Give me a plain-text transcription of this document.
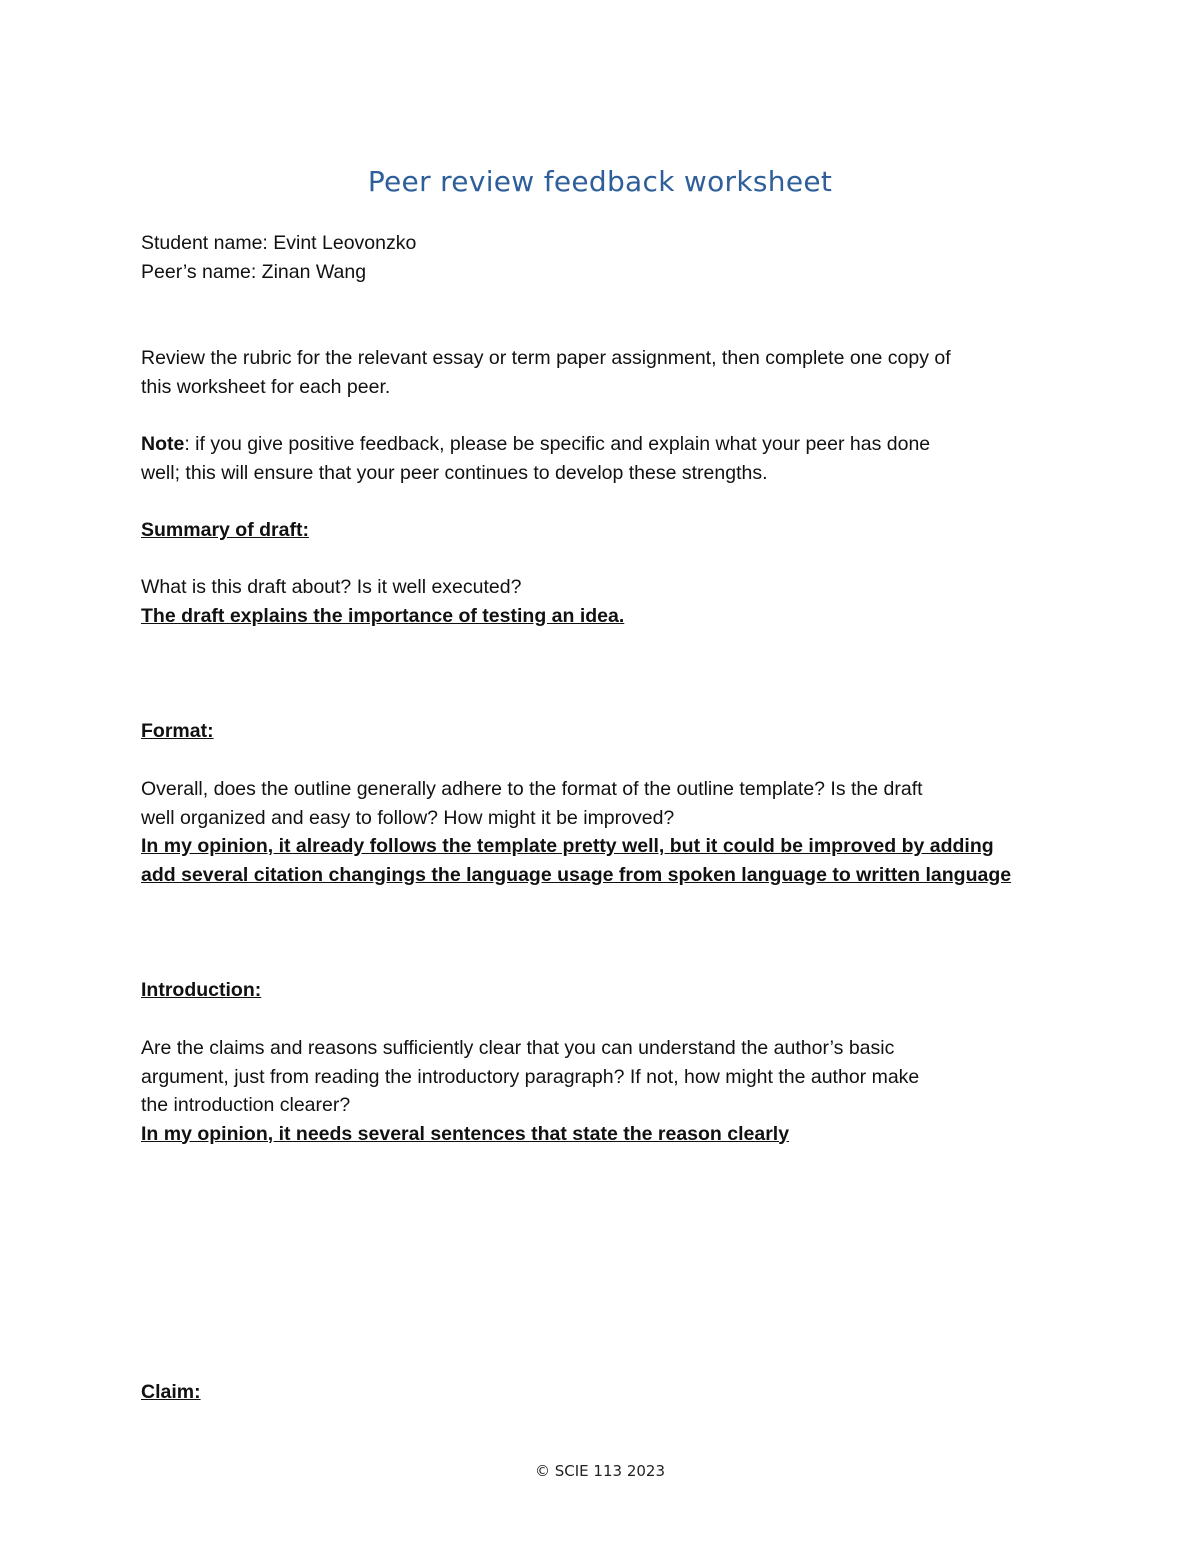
Peer review feedback worksheet
Student name: Evint Leovonzko
Peer’s name: Zinan Wang
Review the rubric for the relevant essay or term paper assignment, then complete one copy of
this worksheet for each peer.
Note: if you give positive feedback, please be specific and explain what your peer has done
well; this will ensure that your peer continues to develop these strengths.
Summary of draft:
What is this draft about? Is it well executed?
The draft explains the importance of testing an idea.
Format:
Overall, does the outline generally adhere to the format of the outline template? Is the draft
well organized and easy to follow? How might it be improved?
In my opinion, it already follows the template pretty well, but it could be improved by adding
add several citation changings the language usage from spoken language to written language
Introduction:
Are the claims and reasons sufficiently clear that you can understand the author’s basic
argument, just from reading the introductory paragraph? If not, how might the author make
the introduction clearer?
In my opinion, it needs several sentences that state the reason clearly
Claim:
© SCIE 113 2023
